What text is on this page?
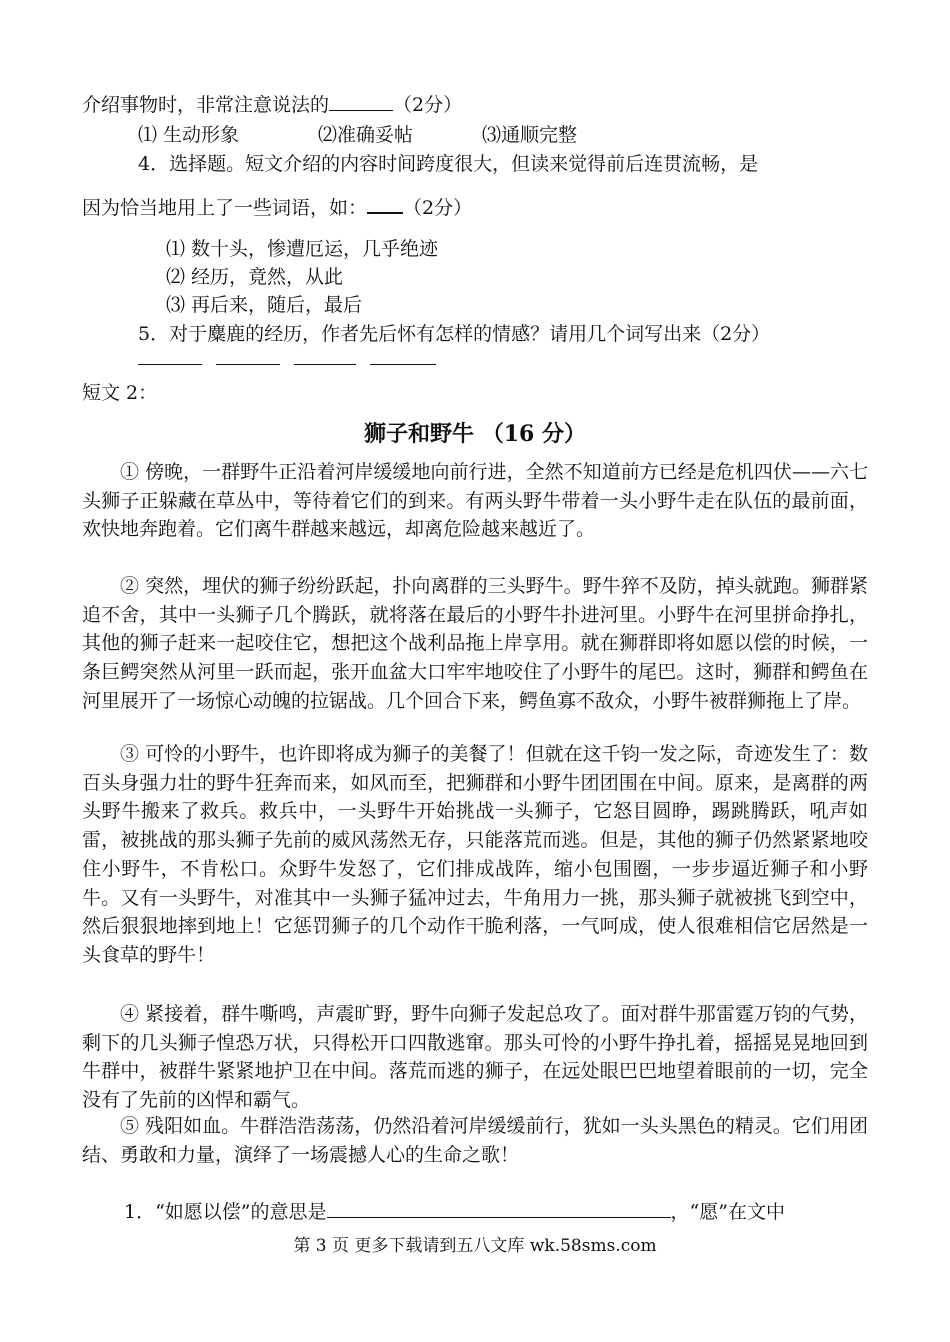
介绍事物时，非常注意说法的	（2分）
⑴ 生动形象	⑵准确妥帖	⑶通顺完整
4．选择题。短文介绍的内容时间跨度很大，但读来觉得前后连贯流畅，是
因为恰当地用上了一些词语，如： （2分）
⑴ 数十头，惨遭厄运，几乎绝迹
⑵ 经历，竟然，从此
⑶ 再后来，随后，最后
5．对于麋鹿的经历，作者先后怀有怎样的情感？请用几个词写出来（2分）

短文 2：
狮子和野牛 （16 分）
① 傍晚，一群野牛正沿着河岸缓缓地向前行进，全然不知道前方已经是危机四伏——六七头狮子正躲藏在草丛中，等待着它们的到来。有两头野牛带着一头小野牛走在队伍的最前面，欢快地奔跑着。它们离牛群越来越远，却离危险越来越近了。
② 突然，埋伏的狮子纷纷跃起，扑向离群的三头野牛。野牛猝不及防，掉头就跑。狮群紧追不舍，其中一头狮子几个腾跃，就将落在最后的小野牛扑进河里。小野牛在河里拼命挣扎，其他的狮子赶来一起咬住它，想把这个战利品拖上岸享用。就在狮群即将如愿以偿的时候，一条巨鳄突然从河里一跃而起，张开血盆大口牢牢地咬住了小野牛的尾巴。这时，狮群和鳄鱼在河里展开了一场惊心动魄的拉锯战。几个回合下来，鳄鱼寡不敌众，小野牛被群狮拖上了岸。
③ 可怜的小野牛，也许即将成为狮子的美餐了！但就在这千钧一发之际，奇迹发生了：数百头身强力壮的野牛狂奔而来，如风而至，把狮群和小野牛团团围在中间。原来，是离群的两头野牛搬来了救兵。救兵中，一头野牛开始挑战一头狮子，它怒目圆睁，踢跳腾跃，吼声如雷，被挑战的那头狮子先前的威风荡然无存，只能落荒而逃。但是，其他的狮子仍然紧紧地咬住小野牛，不肯松口。众野牛发怒了，它们排成战阵，缩小包围圈，一步步逼近狮子和小野牛。又有一头野牛，对准其中一头狮子猛冲过去，牛角用力一挑，那头狮子就被挑飞到空中，然后狠狠地摔到地上！它惩罚狮子的几个动作干脆利落，一气呵成，使人很难相信它居然是一头食草的野牛！
④ 紧接着，群牛嘶鸣，声震旷野，野牛向狮子发起总攻了。面对群牛那雷霆万钧的气势，剩下的几头狮子惶恐万状，只得松开口四散逃窜。那头可怜的小野牛挣扎着，摇摇晃晃地回到牛群中，被群牛紧紧地护卫在中间。落荒而逃的狮子，在远处眼巴巴地望着眼前的一切，完全没有了先前的凶悍和霸气。
⑤ 残阳如血。牛群浩浩荡荡，仍然沿着河岸缓缓前行，犹如一头头黑色的精灵。它们用团结、勇敢和力量，演绎了一场震撼人心的生命之歌！
1．“如愿以偿”的意思是	，“愿”在文中
第 3 页 更多下载请到五八文库 wk.58sms.com
